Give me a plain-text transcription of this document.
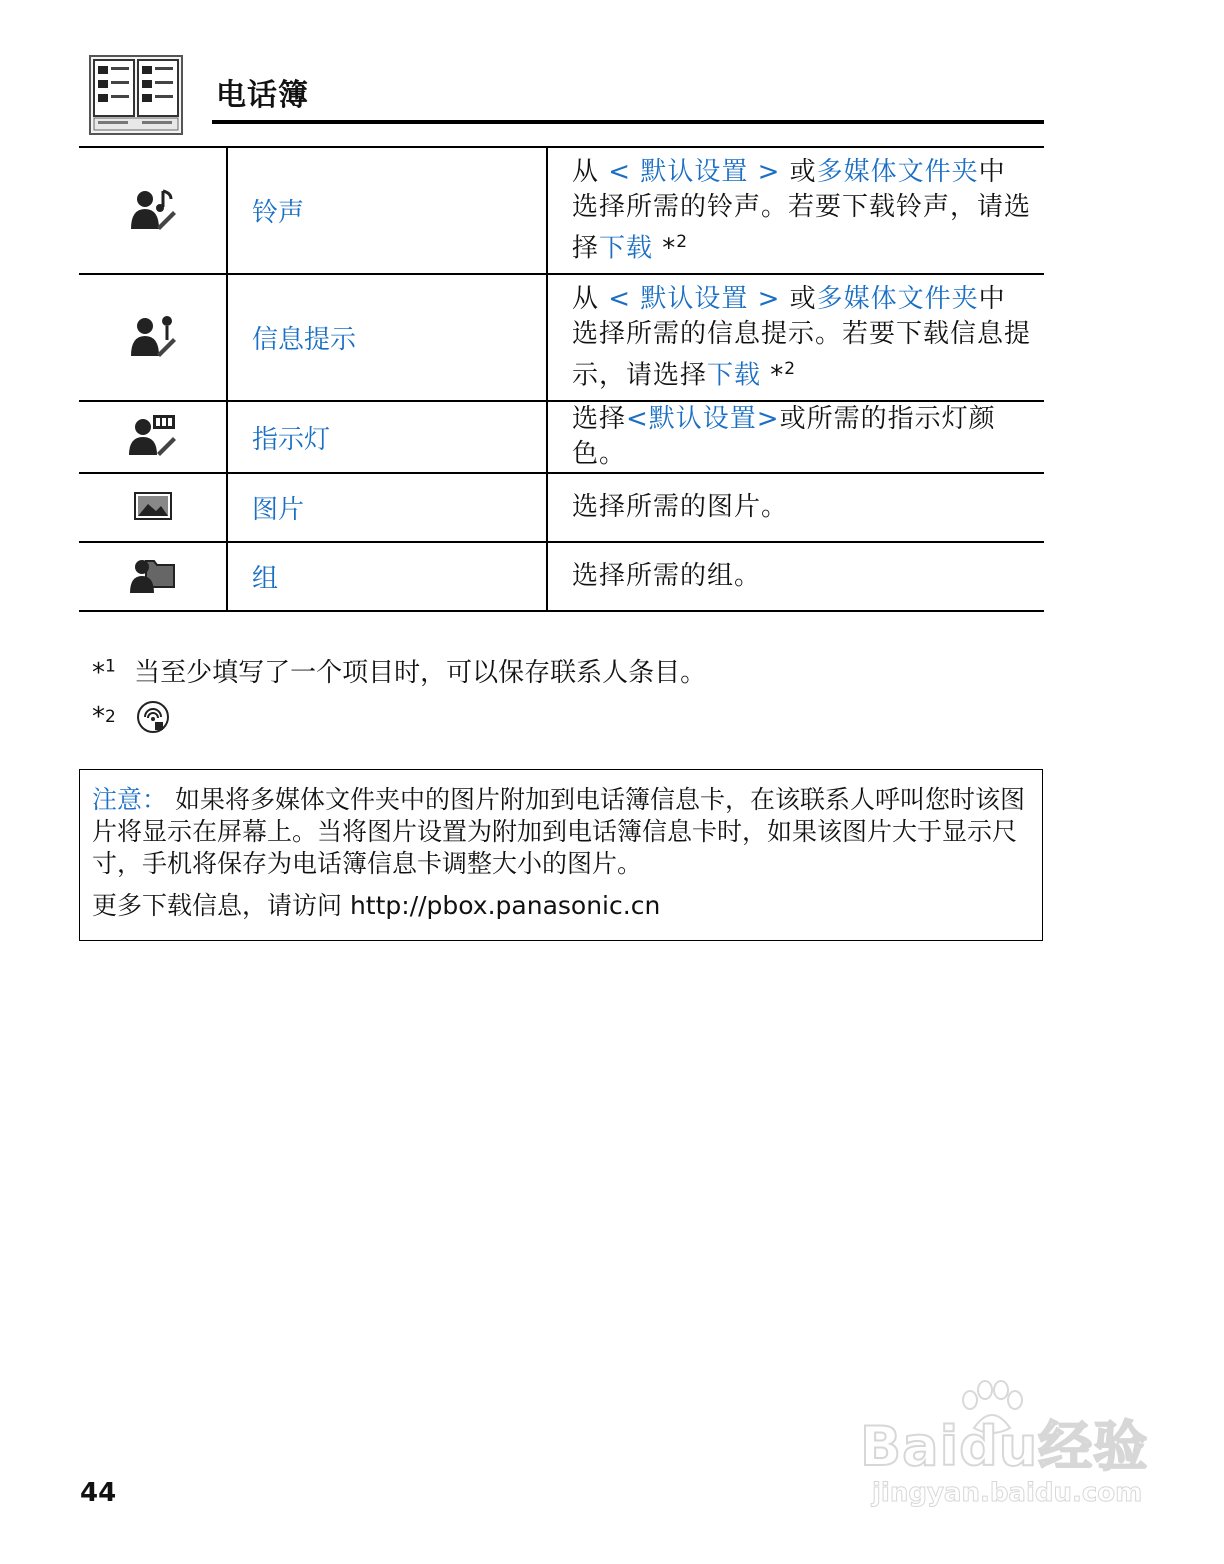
电话簿
	铃声	从 < 默认设置 > 或多媒体文件夹中选择所需的铃声。若要下载铃声，请选择下载 *$^2$
	信息提示	从 < 默认设置 > 或多媒体文件夹中选择所需的信息提示。若要下载信息提示，请选择下载 *$^2$
	指示灯	选择<默认设置>或所需的指示灯颜色。
	图片	选择所需的图片。
	组	选择所需的组。
*$^1$ 当至少填写了一个项目时，可以保存联系人条目。
* 2
注意： 如果将多媒体文件夹中的图片附加到电话簿信息卡，在该联系人呼叫您时该图片将显示在屏幕上。当将图片设置为附加到电话簿信息卡时，如果该图片大于显示尺寸，手机将保存为电话簿信息卡调整大小的图片。
更多下载信息，请访问 http://pbox.panasonic.cn
44
Baidu经验
jingyan.baidu.com
